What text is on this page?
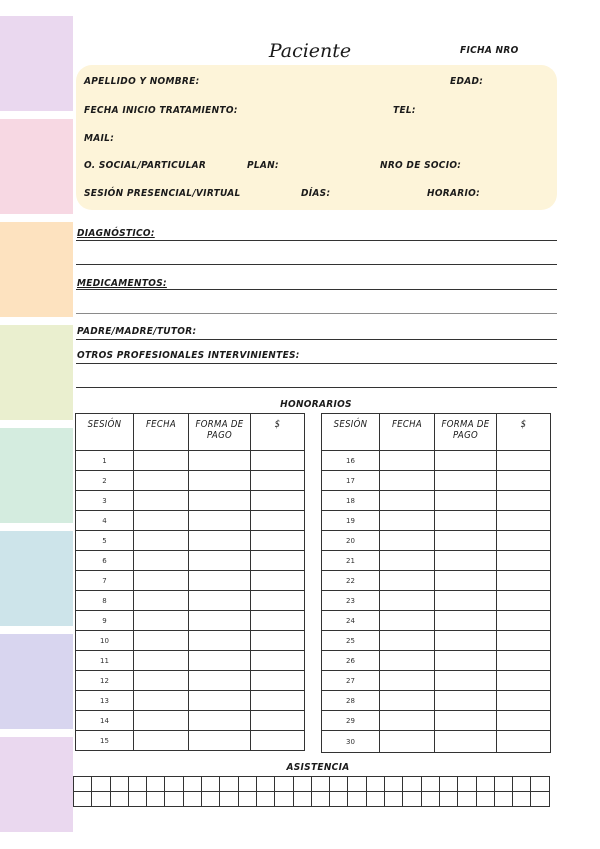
Paciente	FICHA NRO
APELLIDO Y NOMBRE:	EDAD:
FECHA INICIO TRATAMIENTO:	TEL:
MAIL:
O. SOCIAL/PARTICULAR	PLAN:	NRO DE SOCIO:
SESIÓN PRESENCIAL/VIRTUAL	DÍAS:	HORARIO:
DIAGNÓSTICO:
MEDICAMENTOS:
PADRE/MADRE/TUTOR:
OTROS PROFESIONALES INTERVINIENTES:
HONORARIOS
SESIÓN	FECHA	FORMA DE PAGO	$
1			
2			
3			
4			
5			
6			
7			
8			
9			
10			
11			
12			
13			
14			
15			
SESIÓN	FECHA	FORMA DE PAGO	$
16			
17			
18			
19			
20			
21			
22			
23			
24			
25			
26			
27			
28			
29			
30			
ASISTENCIA
